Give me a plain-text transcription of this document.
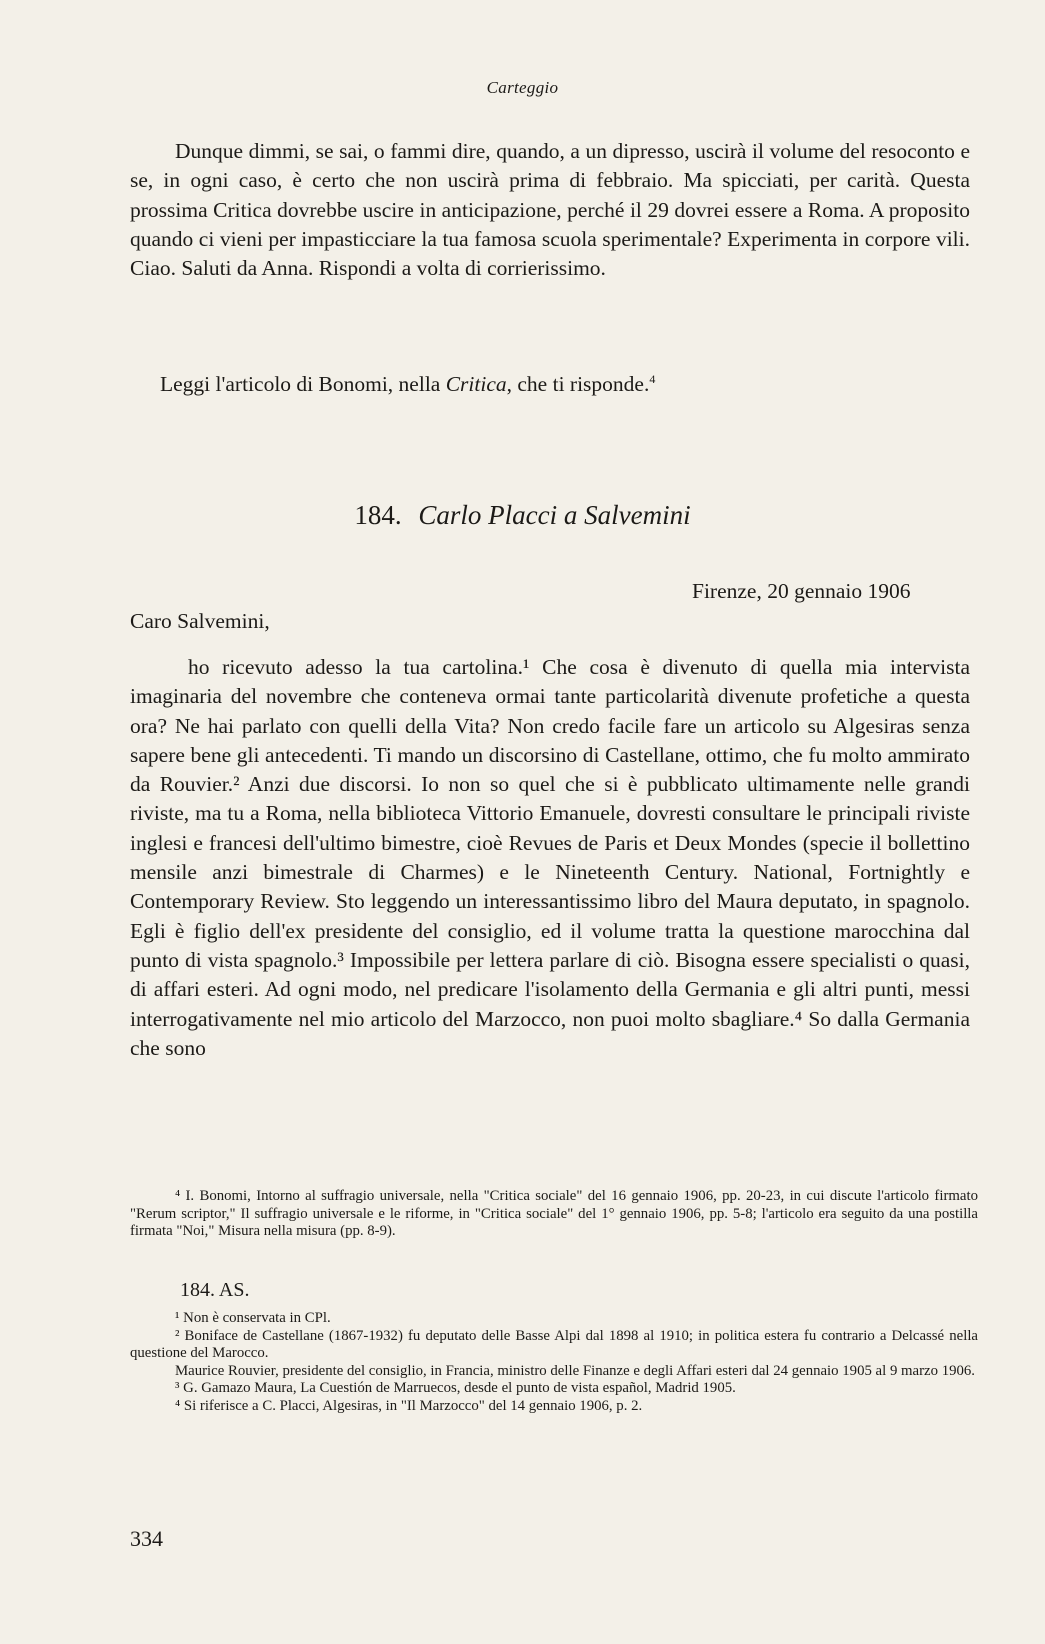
Carteggio

Dunque dimmi, se sai, o fammi dire, quando, a un dipresso, uscirà il volume del resoconto e se, in ogni caso, è certo che non uscirà prima di febbraio. Ma spicciati, per carità. Questa prossima Critica dovrebbe uscire in anticipazione, perché il 29 dovrei essere a Roma. A proposito quando ci vieni per impasticciare la tua famosa scuola sperimentale? Experimenta in corpore vili. Ciao. Saluti da Anna. Rispondi a volta di corrierissimo.

Leggi l'articolo di Bonomi, nella Critica, che ti risponde.$^4$

184. Carlo Placci a Salvemini
Firenze, 20 gennaio 1906
Caro Salvemini,

ho ricevuto adesso la tua cartolina.¹ Che cosa è divenuto di quella mia intervista imaginaria del novembre che conteneva ormai tante particolarità divenute profetiche a questa ora? Ne hai parlato con quelli della Vita? Non credo facile fare un articolo su Algesiras senza sapere bene gli antecedenti. Ti mando un discorsino di Castellane, ottimo, che fu molto ammirato da Rouvier.² Anzi due discorsi. Io non so quel che si è pubblicato ultimamente nelle grandi riviste, ma tu a Roma, nella biblioteca Vittorio Emanuele, dovresti consultare le principali riviste inglesi e francesi dell'ultimo bimestre, cioè Revues de Paris et Deux Mondes (specie il bollettino mensile anzi bimestrale di Charmes) e le Nineteenth Century. National, Fortnightly e Contemporary Review. Sto leggendo un interessantissimo libro del Maura deputato, in spagnolo. Egli è figlio dell'ex presidente del consiglio, ed il volume tratta la questione marocchina dal punto di vista spagnolo.³ Impossibile per lettera parlare di ciò. Bisogna essere specialisti o quasi, di affari esteri. Ad ogni modo, nel predicare l'isolamento della Germania e gli altri punti, messi interrogativamente nel mio articolo del Marzocco, non puoi molto sbagliare.⁴ So dalla Germania che sono

⁴ I. Bonomi, Intorno al suffragio universale, nella "Critica sociale" del 16 gennaio 1906, pp. 20-23, in cui discute l'articolo firmato "Rerum scriptor," Il suffragio universale e le riforme, in "Critica sociale" del 1° gennaio 1906, pp. 5-8; l'articolo era seguito da una postilla firmata "Noi," Misura nella misura (pp. 8-9).

184. AS.

¹ Non è conservata in CPl.

² Boniface de Castellane (1867-1932) fu deputato delle Basse Alpi dal 1898 al 1910; in politica estera fu contrario a Delcassé nella questione del Marocco.

Maurice Rouvier, presidente del consiglio, in Francia, ministro delle Finanze e degli Affari esteri dal 24 gennaio 1905 al 9 marzo 1906.

³ G. Gamazo Maura, La Cuestión de Marruecos, desde el punto de vista español, Madrid 1905.

⁴ Si riferisce a C. Placci, Algesiras, in "Il Marzocco" del 14 gennaio 1906, p. 2.

334
